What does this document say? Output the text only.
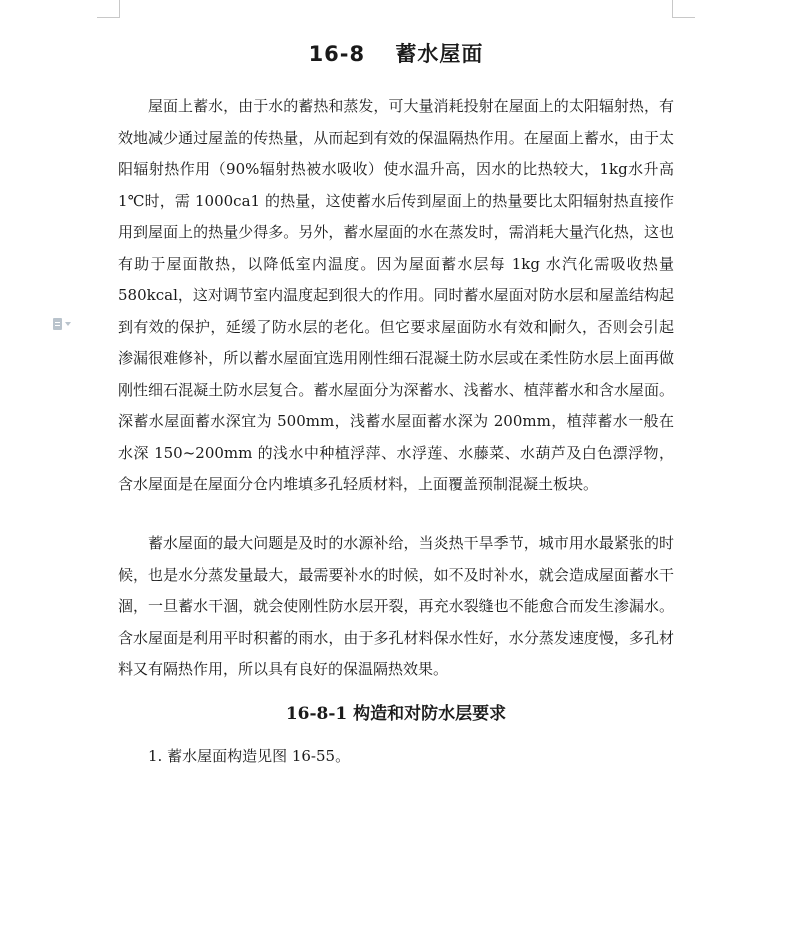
16-8　 蓄水屋面

屋面上蓄水，由于水的蓄热和蒸发，可大量消耗投射在屋面上的太阳辐射热，有效地减少通过屋盖的传热量，从而起到有效的保温隔热作用。在屋面上蓄水，由于太阳辐射热作用（90%辐射热被水吸收）使水温升高，因水的比热较大，1kg水升高 1℃时，需 1000ca1 的热量，这使蓄水后传到屋面上的热量要比太阳辐射热直接作用到屋面上的热量少得多。另外，蓄水屋面的水在蒸发时，需消耗大量汽化热，这也有助于屋面散热，以降低室内温度。因为屋面蓄水层每 1kg 水汽化需吸收热量 580kcal，这对调节室内温度起到很大的作用。同时蓄水屋面对防水层和屋盖结构起到有效的保护，延缓了防水层的老化。但它要求屋面防水有效和 耐久，否则会引起渗漏很难修补，所以蓄水屋面宜选用刚性细石混凝土防水层或在柔性防水层上面再做刚性细石混凝土防水层复合。蓄水屋面分为深蓄水、浅蓄水、植萍蓄水和含水屋面。深蓄水屋面蓄水深宜为 500mm，浅蓄水屋面蓄水深为 200mm，植萍蓄水一般在水深 150~200mm 的浅水中种植浮萍、水浮莲、水藤菜、水葫芦及白色漂浮物，含水屋面是在屋面分仓内堆填多孔轻质材料，上面覆盖预制混凝土板块。

蓄水屋面的最大问题是及时的水源补给，当炎热干旱季节，城市用水最紧张的时候，也是水分蒸发量最大，最需要补水的时候，如不及时补水，就会造成屋面蓄水干涸，一旦蓄水干涸，就会使刚性防水层开裂，再充水裂缝也不能愈合而发生渗漏水。含水屋面是利用平时积蓄的雨水，由于多孔材料保水性好，水分蒸发速度慢，多孔材料又有隔热作用，所以具有良好的保温隔热效果。

16-8-1 构造和对防水层要求

1. 蓄水屋面构造见图 16-55。
